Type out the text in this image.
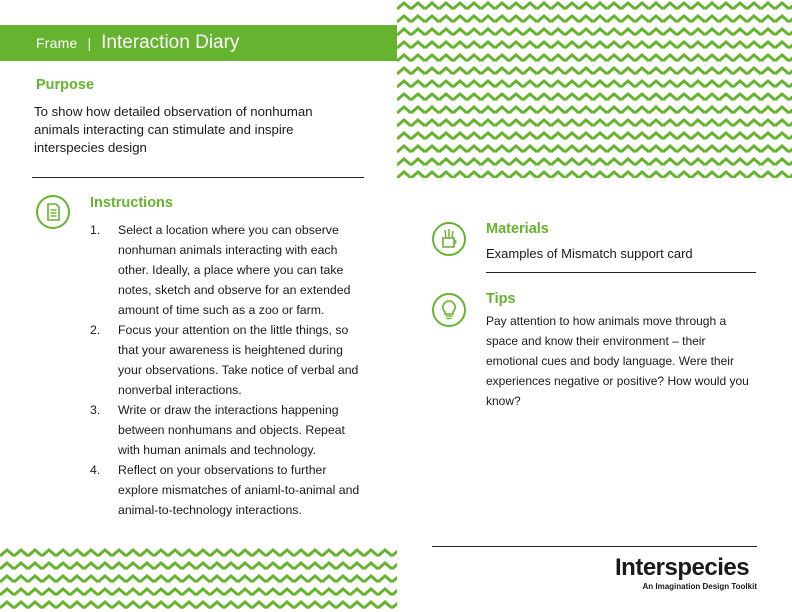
Frame | Interaction Diary
Purpose
To show how detailed observation of nonhuman animals interacting can stimulate and inspire interspecies design
Instructions
1. Select a location where you can observe nonhuman animals interacting with each other. Ideally, a place where you can take notes, sketch and observe for an extended amount of time such as a zoo or farm.
2. Focus your attention on the little things, so that your awareness is heightened during your observations. Take notice of verbal and nonverbal interactions.
3. Write or draw the interactions happening between nonhumans and objects. Repeat with human animals and technology.
4. Reflect on your observations to further explore mismatches of aniaml-to-animal and animal-to-technology interactions.
Materials
Examples of Mismatch support card
Tips
Pay attention to how animals move through a space and know their environment – their emotional cues and body language. Were their experiences negative or positive? How would you know?
Interspecies
An Imagination Design Toolkit
